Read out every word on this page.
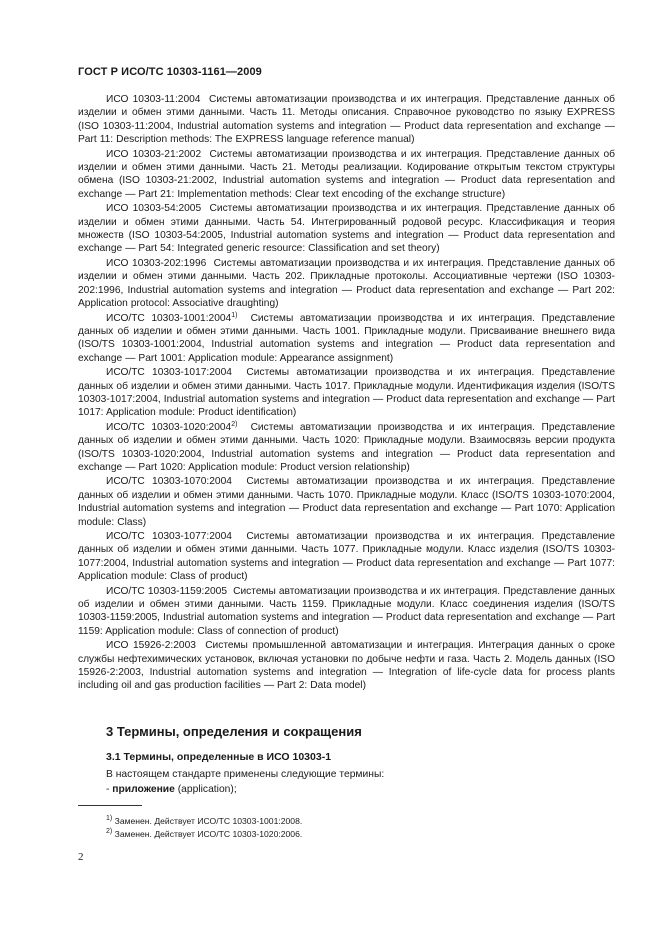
ГОСТ Р ИСО/ТС 10303-1161—2009

ИСО 10303-11:2004 Системы автоматизации производства и их интеграция. Представление данных об изделии и обмен этими данными. Часть 11. Методы описания. Справочное руководство по языку EXPRESS (ISO 10303-11:2004, Industrial automation systems and integration — Product data representation and exchange — Part 11: Description methods: The EXPRESS language reference manual)

ИСО 10303-21:2002 Системы автоматизации производства и их интеграция. Представление данных об изделии и обмен этими данными. Часть 21. Методы реализации. Кодирование открытым текстом структуры обмена (ISO 10303-21:2002, Industrial automation systems and integration — Product data representation and exchange — Part 21: Implementation methods: Clear text encoding of the exchange structure)

ИСО 10303-54:2005 Системы автоматизации производства и их интеграция. Представление данных об изделии и обмен этими данными. Часть 54. Интегрированный родовой ресурс. Классификация и теория множеств (ISO 10303-54:2005, Industrial automation systems and integration — Product data representation and exchange — Part 54: Integrated generic resource: Classification and set theory)

ИСО 10303-202:1996 Системы автоматизации производства и их интеграция. Представление данных об изделии и обмен этими данными. Часть 202. Прикладные протоколы. Ассоциативные чертежи (ISO 10303-202:1996, Industrial automation systems and integration — Product data representation and exchange — Part 202: Application protocol: Associative draughting)

ИСО/ТС 10303-1001:2004$^{1)}$ Системы автоматизации производства и их интеграция. Представление данных об изделии и обмен этими данными. Часть 1001. Прикладные модули. Присваивание внешнего вида (ISO/TS 10303-1001:2004, Industrial automation systems and integration — Product data representation and exchange — Part 1001: Application module: Appearance assignment)

ИСО/ТС 10303-1017:2004 Системы автоматизации производства и их интеграция. Представление данных об изделии и обмен этими данными. Часть 1017. Прикладные модули. Идентификация изделия (ISO/TS 10303-1017:2004, Industrial automation systems and integration — Product data representation and exchange — Part 1017: Application module: Product identification)

ИСО/ТС 10303-1020:2004$^{2)}$ Системы автоматизации производства и их интеграция. Представление данных об изделии и обмен этими данными. Часть 1020: Прикладные модули. Взаимосвязь версии продукта (ISO/TS 10303-1020:2004, Industrial automation systems and integration — Product data representation and exchange — Part 1020: Application module: Product version relationship)

ИСО/ТС 10303-1070:2004 Системы автоматизации производства и их интеграция. Представление данных об изделии и обмен этими данными. Часть 1070. Прикладные модули. Класс (ISO/TS 10303-1070:2004, Industrial automation systems and integration — Product data representation and exchange — Part 1070: Application module: Class)

ИСО/ТС 10303-1077:2004 Системы автоматизации производства и их интеграция. Представление данных об изделии и обмен этими данными. Часть 1077. Прикладные модули. Класс изделия (ISO/TS 10303-1077:2004, Industrial automation systems and integration — Product data representation and exchange — Part 1077: Application module: Class of product)

ИСО/ТС 10303-1159:2005 Системы автоматизации производства и их интеграция. Представление данных об изделии и обмен этими данными. Часть 1159. Прикладные модули. Класс соединения изделия (ISO/TS 10303-1159:2005, Industrial automation systems and integration — Product data representation and exchange — Part 1159: Application module: Class of connection of product)

ИСО 15926-2:2003 Системы промышленной автоматизации и интеграция. Интеграция данных о сроке службы нефтехимических установок, включая установки по добыче нефти и газа. Часть 2. Модель данных (ISO 15926-2:2003, Industrial automation systems and integration — Integration of life-cycle data for process plants including oil and gas production facilities — Part 2: Data model)

3 Термины, определения и сокращения
3.1 Термины, определенные в ИСО 10303-1

В настоящем стандарте применены следующие термины:

- приложение (application);

$^{1)}$ Заменен. Действует ИСО/ТС 10303-1001:2008.

$^{2)}$ Заменен. Действует ИСО/ТС 10303-1020:2006.

2
